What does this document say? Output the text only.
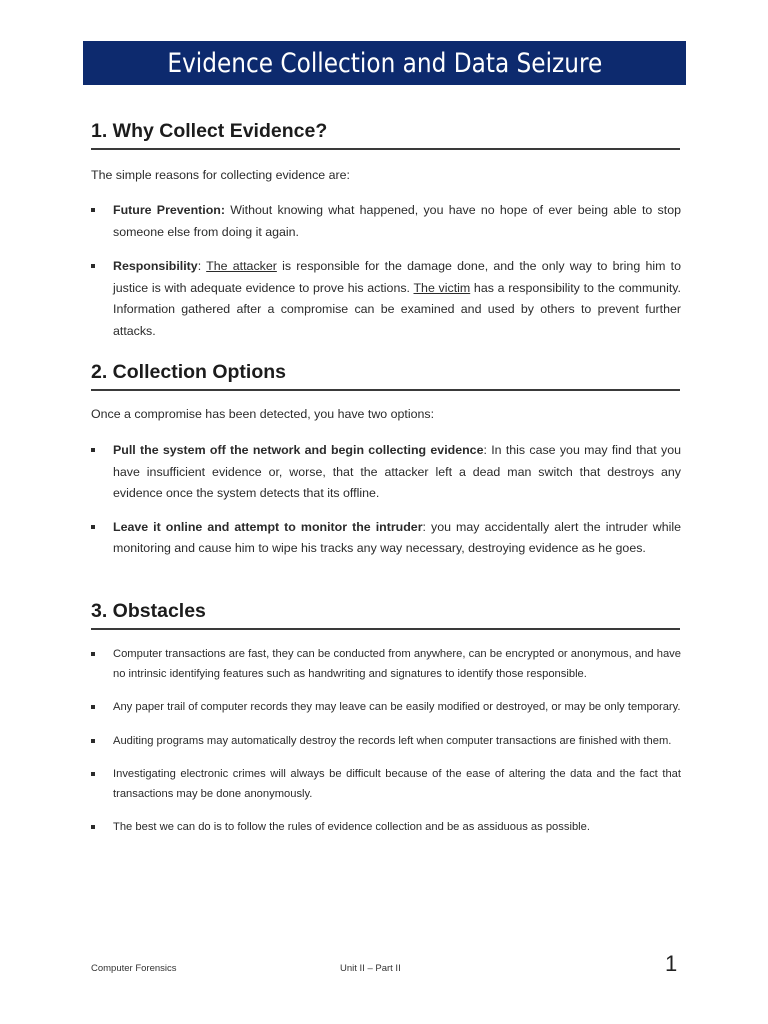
Evidence Collection and Data Seizure
1. Why Collect Evidence?
The simple reasons for collecting evidence are:
Future Prevention: Without knowing what happened, you have no hope of ever being able to stop someone else from doing it again.
Responsibility: The attacker is responsible for the damage done, and the only way to bring him to justice is with adequate evidence to prove his actions. The victim has a responsibility to the community. Information gathered after a compromise can be examined and used by others to prevent further attacks.
2. Collection Options
Once a compromise has been detected, you have two options:
Pull the system off the network and begin collecting evidence: In this case you may find that you have insufficient evidence or, worse, that the attacker left a dead man switch that destroys any evidence once the system detects that its offline.
Leave it online and attempt to monitor the intruder: you may accidentally alert the intruder while monitoring and cause him to wipe his tracks any way necessary, destroying evidence as he goes.
3. Obstacles
Computer transactions are fast, they can be conducted from anywhere, can be encrypted or anonymous, and have no intrinsic identifying features such as handwriting and signatures to identify those responsible.
Any paper trail of computer records they may leave can be easily modified or destroyed, or may be only temporary.
Auditing programs may automatically destroy the records left when computer transactions are finished with them.
Investigating electronic crimes will always be difficult because of the ease of altering the data and the fact that transactions may be done anonymously.
The best we can do is to follow the rules of evidence collection and be as assiduous as possible.
Computer Forensics	Unit II – Part II	1
